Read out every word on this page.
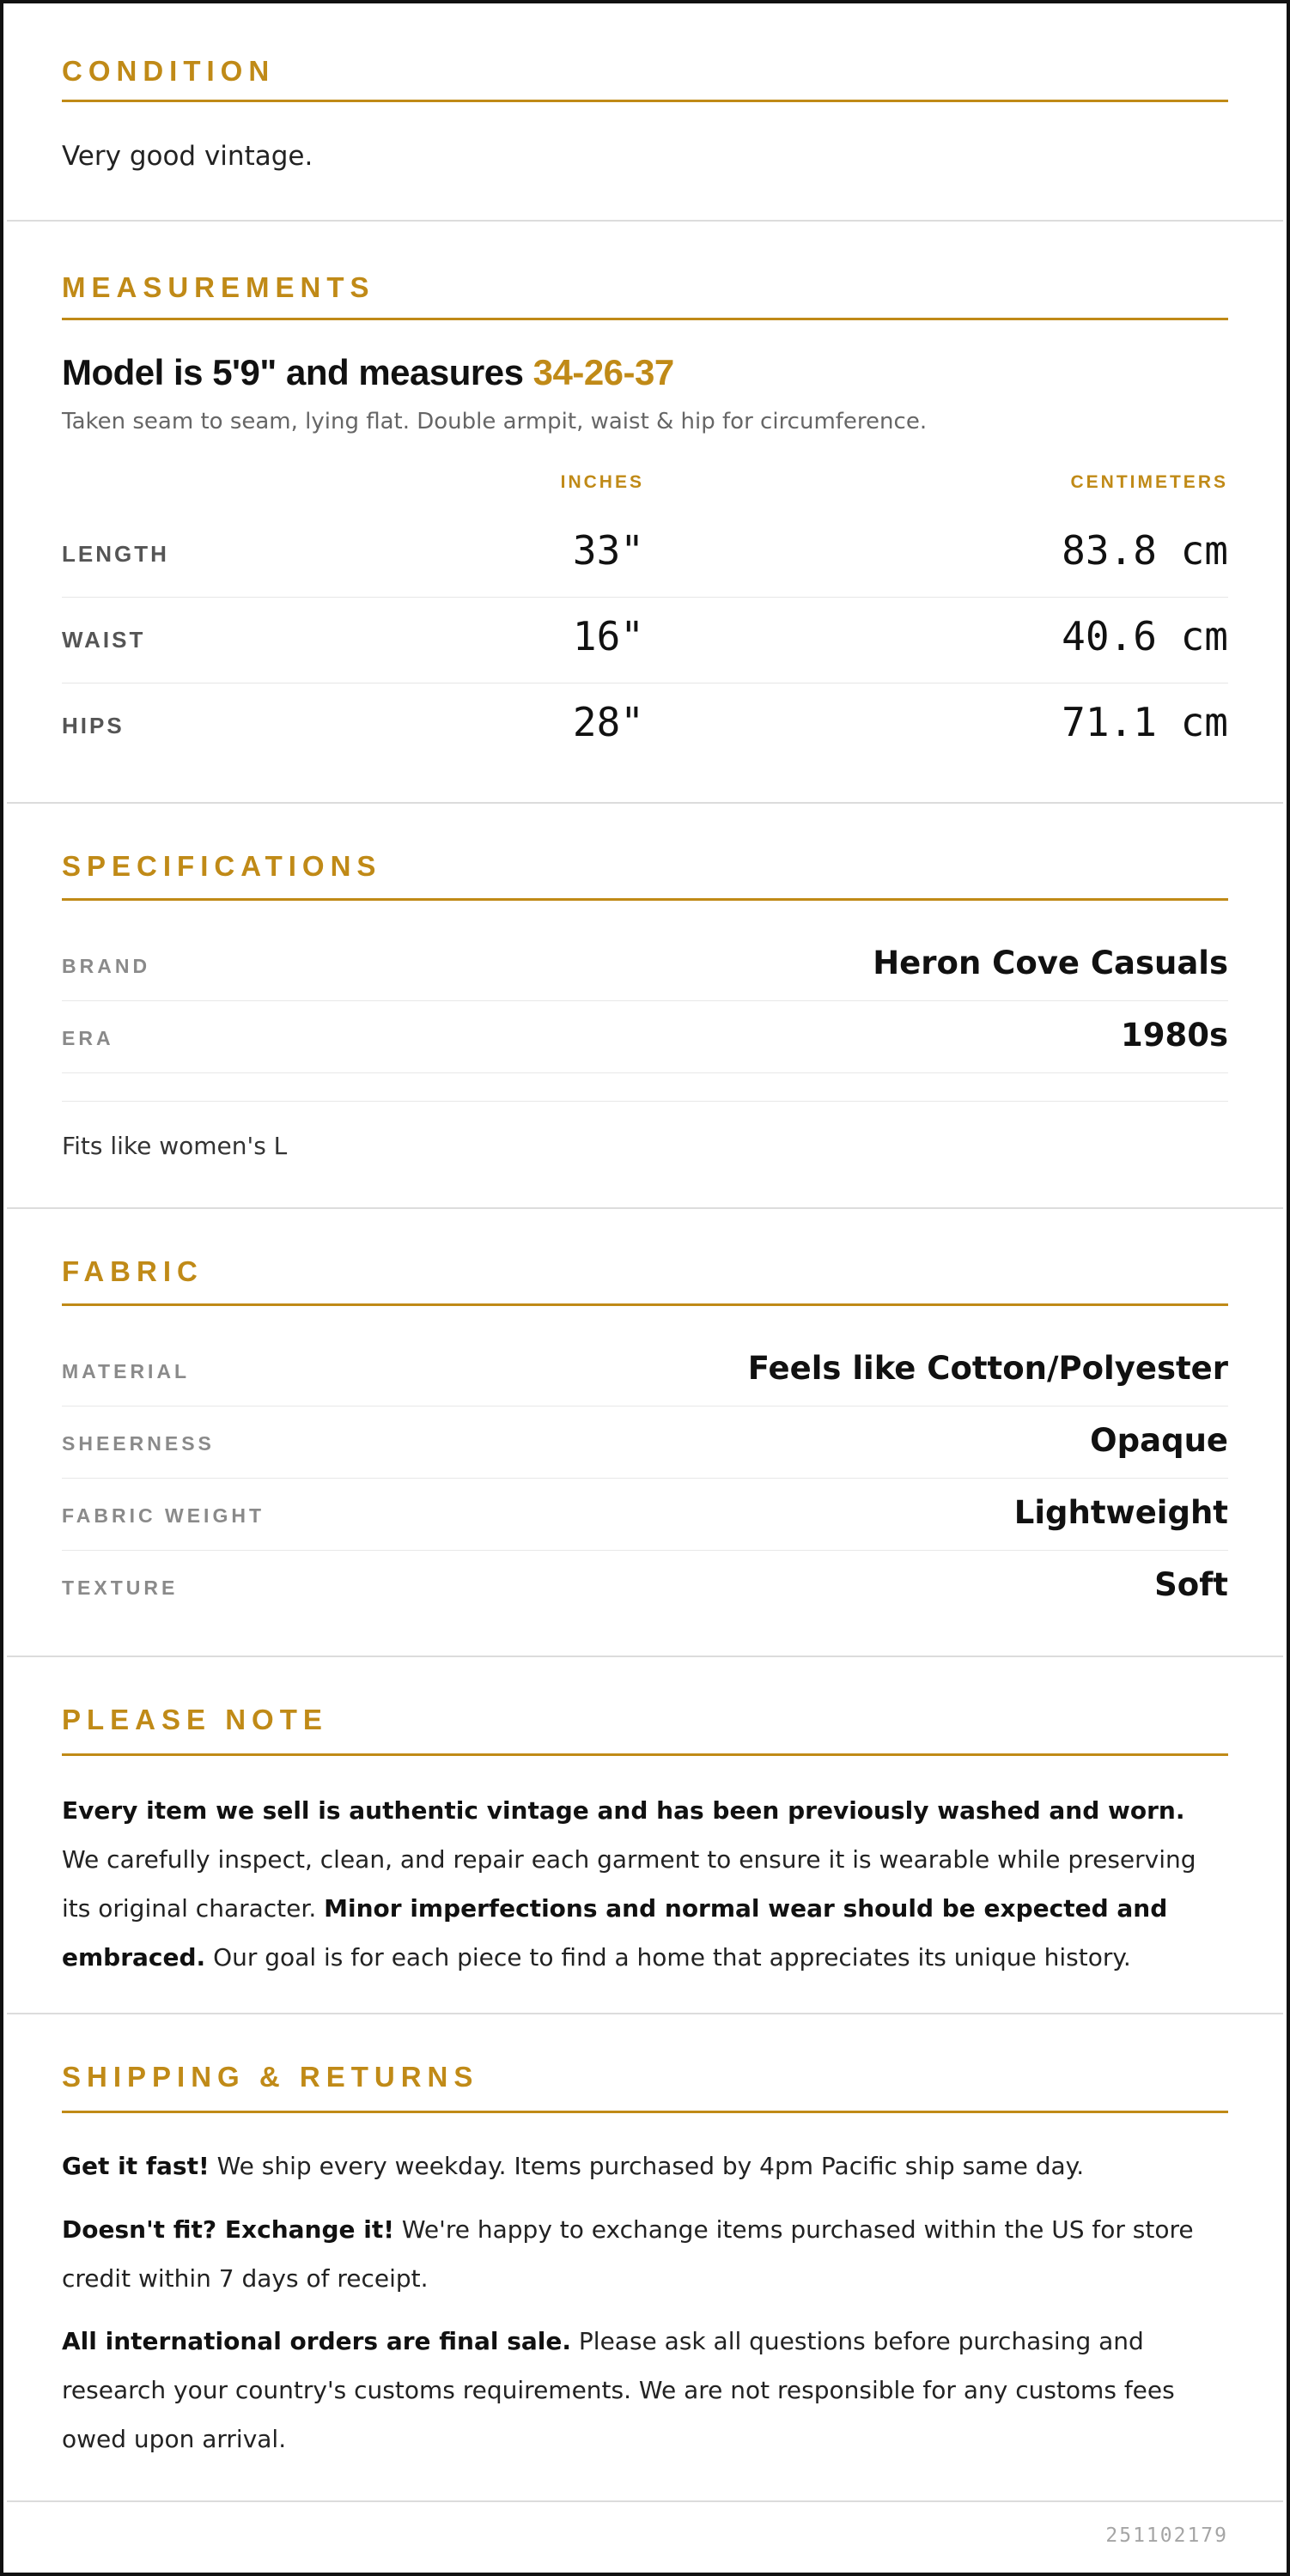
CONDITION
Very good vintage.
MEASUREMENTS
Model is 5'9" and measures 34-26-37
Taken seam to seam, lying flat. Double armpit, waist & hip for circumference.
INCHES	CENTIMETERS
LENGTH	33"	83.8 cm
WAIST	16"	40.6 cm
HIPS	28"	71.1 cm
SPECIFICATIONS
BRAND	Heron Cove Casuals
ERA	1980s
Fits like women's L
FABRIC
MATERIAL	Feels like Cotton/Polyester
SHEERNESS	Opaque
FABRIC WEIGHT	Lightweight
TEXTURE	Soft
PLEASE NOTE
Every item we sell is authentic vintage and has been previously washed and worn. We carefully inspect, clean, and repair each garment to ensure it is wearable while preserving its original character. Minor imperfections and normal wear should be expected and embraced. Our goal is for each piece to find a home that appreciates its unique history.
SHIPPING & RETURNS
Get it fast! We ship every weekday. Items purchased by 4pm Pacific ship same day.
Doesn't fit? Exchange it! We're happy to exchange items purchased within the US for store credit within 7 days of receipt.
All international orders are final sale. Please ask all questions before purchasing and research your country's customs requirements. We are not responsible for any customs fees owed upon arrival.
251102179
